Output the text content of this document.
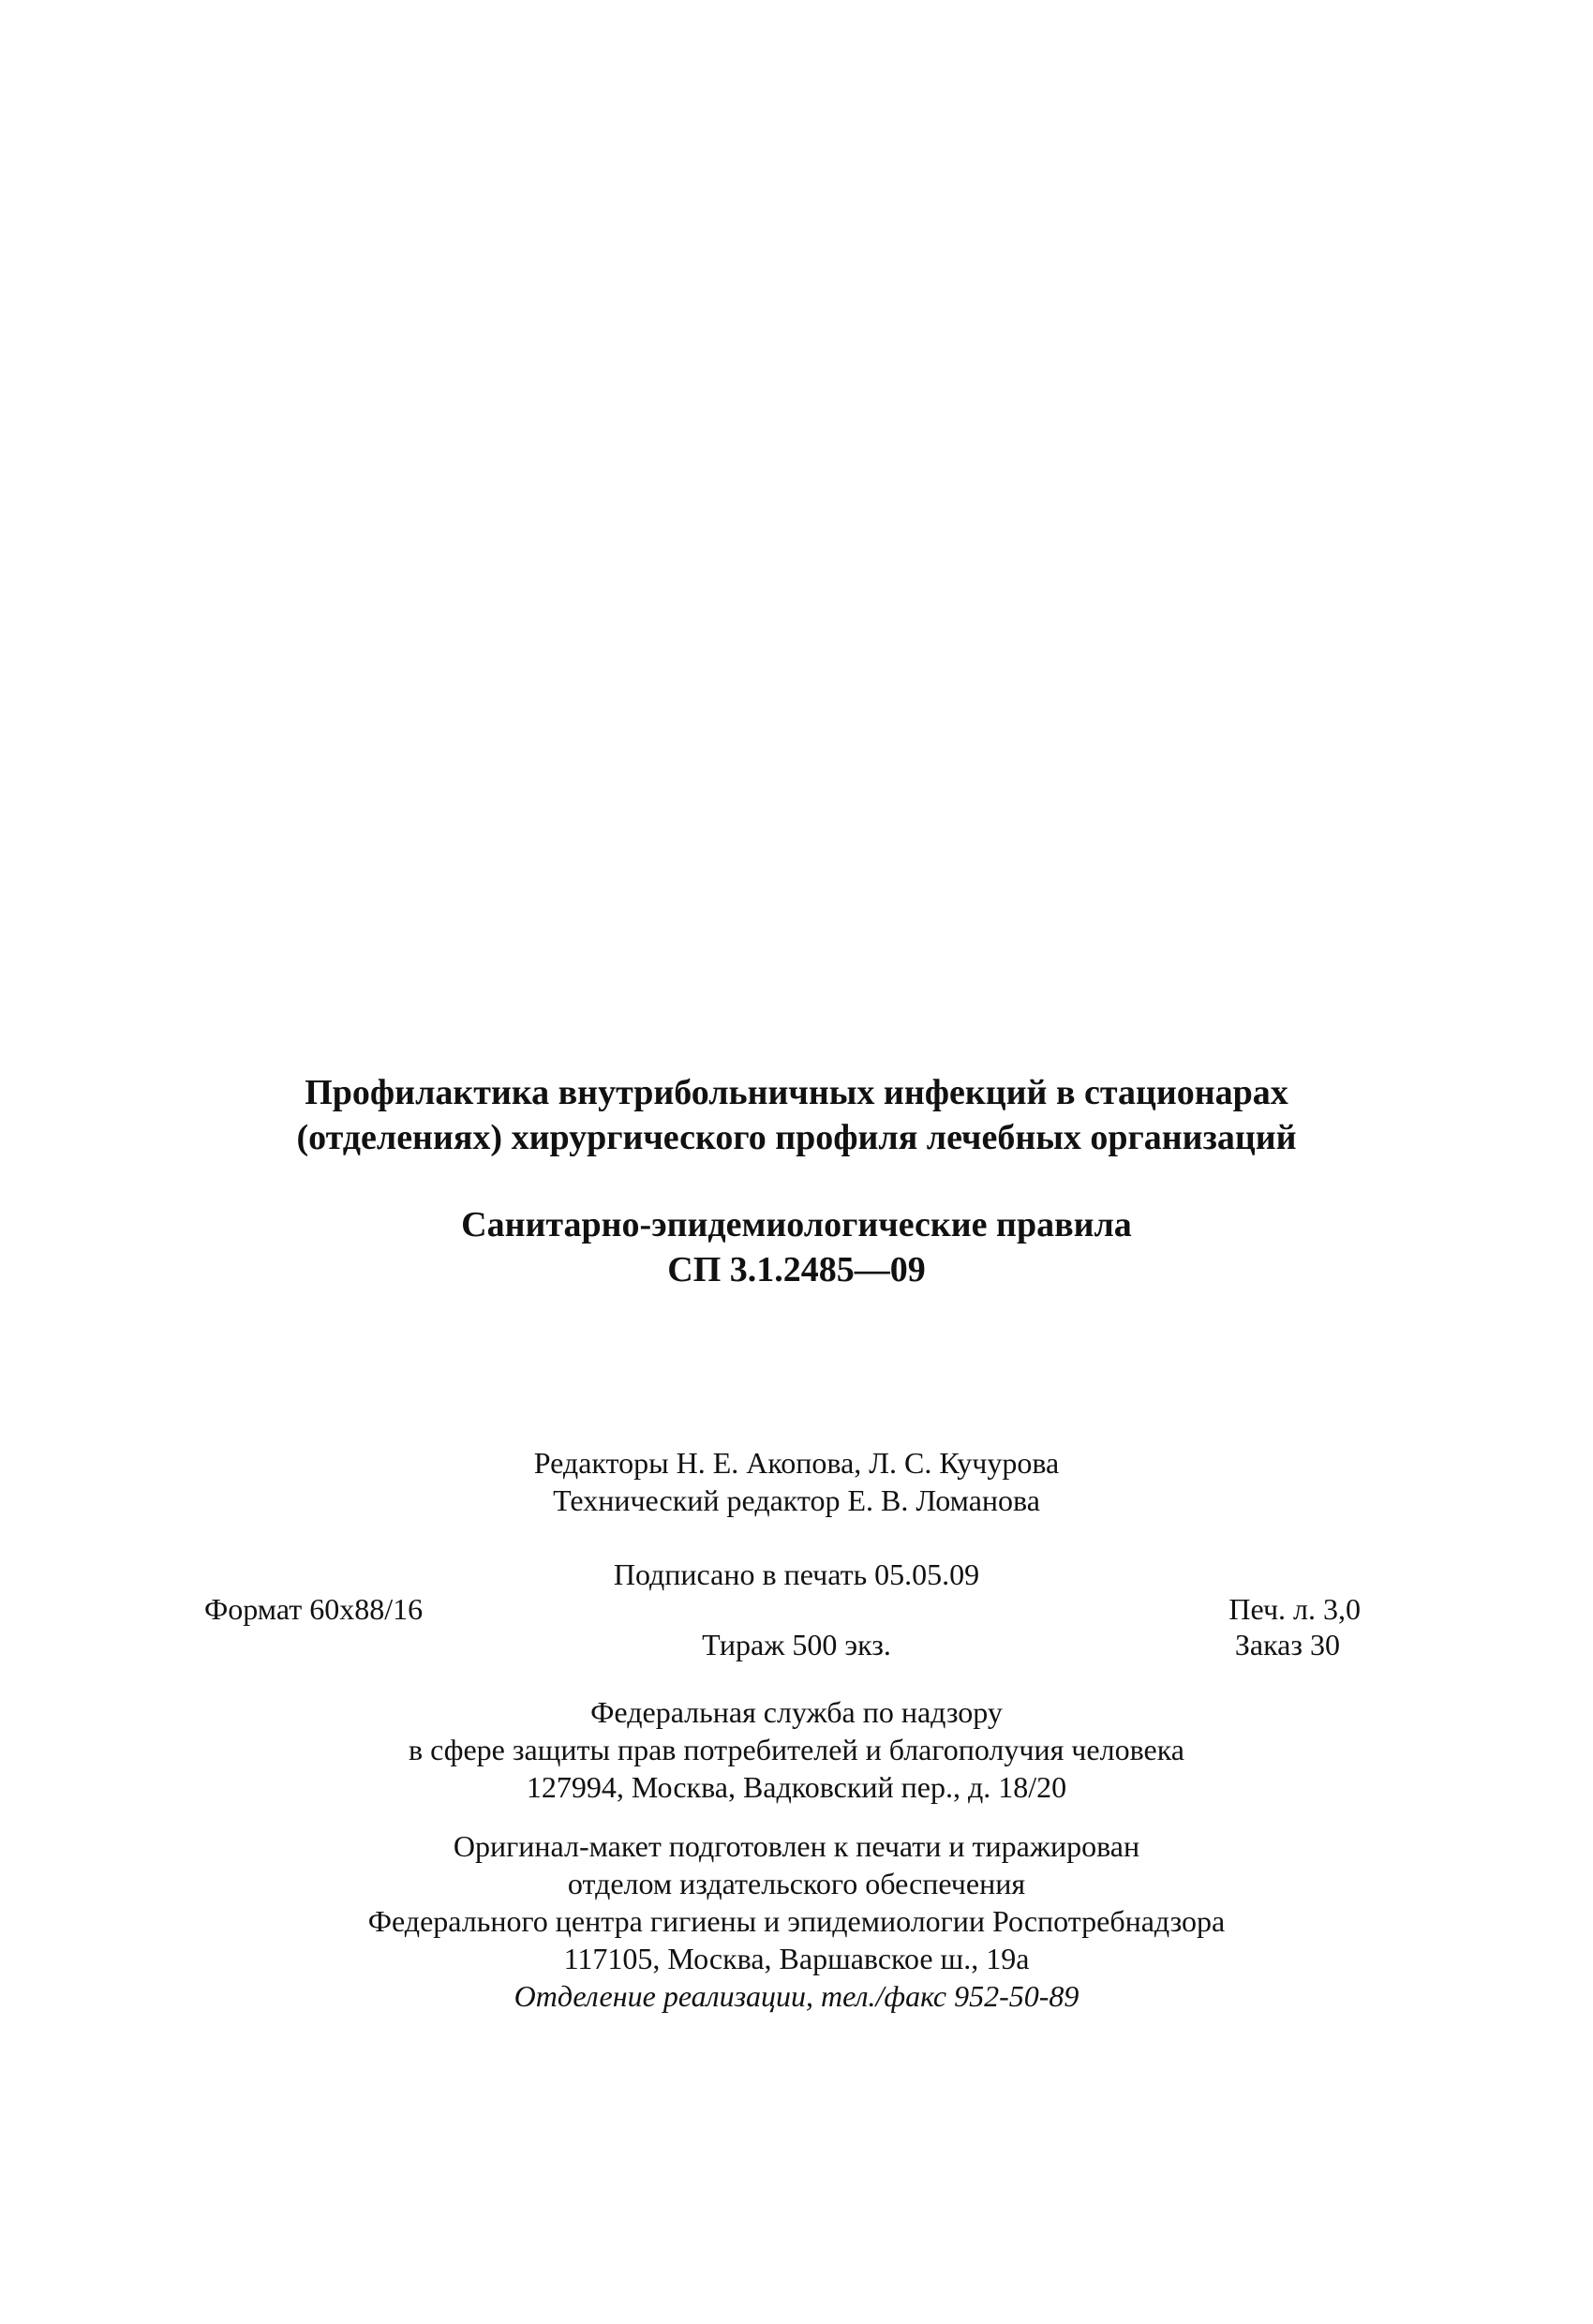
Профилактика внутрибольничных инфекций в стационарах
(отделениях) хирургического профиля лечебных организаций
Санитарно-эпидемиологические правила
СП 3.1.2485—09
Редакторы Н. Е. Акопова, Л. С. Кучурова
Технический редактор Е. В. Ломанова
Подписано в печать 05.05.09
Формат 60x88/16	Печ. л. 3,0
Тираж 500 экз.	Заказ 30
Федеральная служба по надзору
в сфере защиты прав потребителей и благополучия человека
127994, Москва, Вадковский пер., д. 18/20
Оригинал-макет подготовлен к печати и тиражирован
отделом издательского обеспечения
Федерального центра гигиены и эпидемиологии Роспотребнадзора
117105, Москва, Варшавское ш., 19а
Отделение реализации, тел./факс 952-50-89
